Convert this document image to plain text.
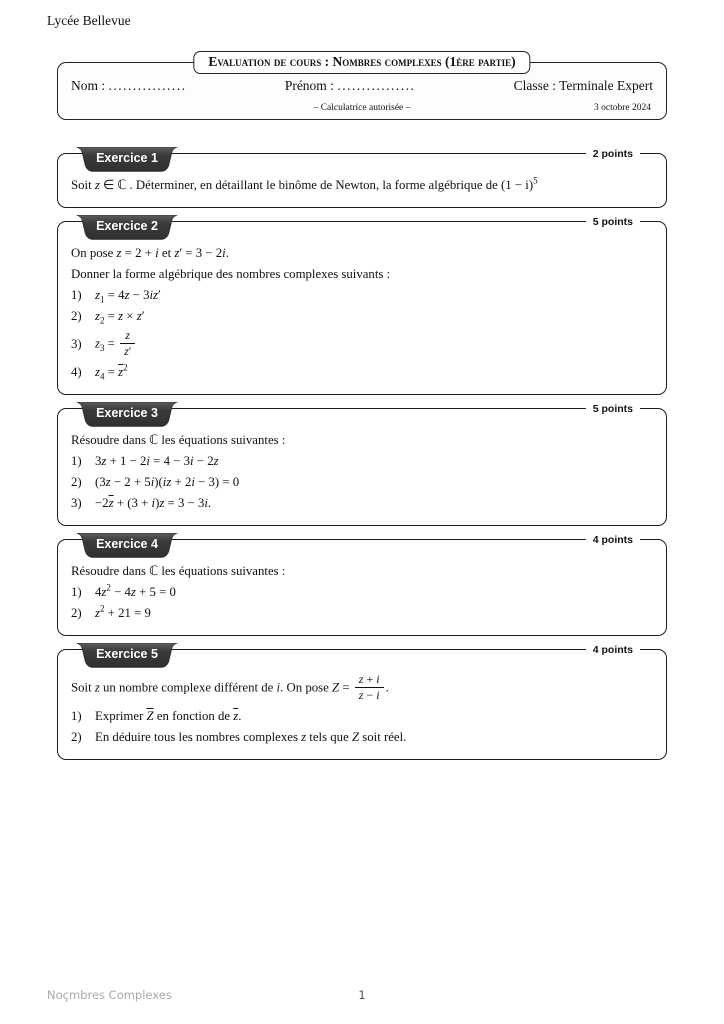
Lycée Bellevue
Evaluation de cours : Nombres complexes (1ère partie)
Nom : ................	Prénom : ................	Classe : Terminale Expert
– Calculatrice autorisée –	3 octobre 2024
Exercice 1	2 points
Soit z ∈ ℂ . Déterminer, en détaillant le binôme de Newton, la forme algébrique de $(1 - i)^5$
Exercice 2	5 points
On pose z = 2 + i et z′ = 3 − 2i.
Donner la forme algébrique des nombres complexes suivants :
1)	$z_1 = 4z - 3iz'$
2)	$z_2 = z \times z'$
3)	$z_3 = \frac{z}{z'}$
4)	$z_4 = \overline{z}^2$
Exercice 3	5 points
Résoudre dans ℂ les équations suivantes :
1)	3z + 1 − 2i = 4 − 3i − 2z
2)	(3z − 2 + 5i)(iz + 2i − 3) = 0
3)	$-2\overline{z} + (3 + i)z = 3 - 3i$.
Exercice 4	4 points
Résoudre dans ℂ les équations suivantes :
1)	$4z^2 - 4z + 5 = 0$
2)	$z^2 + 21 = 9$
Exercice 5	4 points
Soit z un nombre complexe différent de i. On pose $Z = \frac{z + i}{z - i}$ .
1)	Exprimer $\overline{Z}$ en fonction de $\overline{z}$.
2)	En déduire tous les nombres complexes z tels que Z soit réel.
Noçmbres Complexes	1
